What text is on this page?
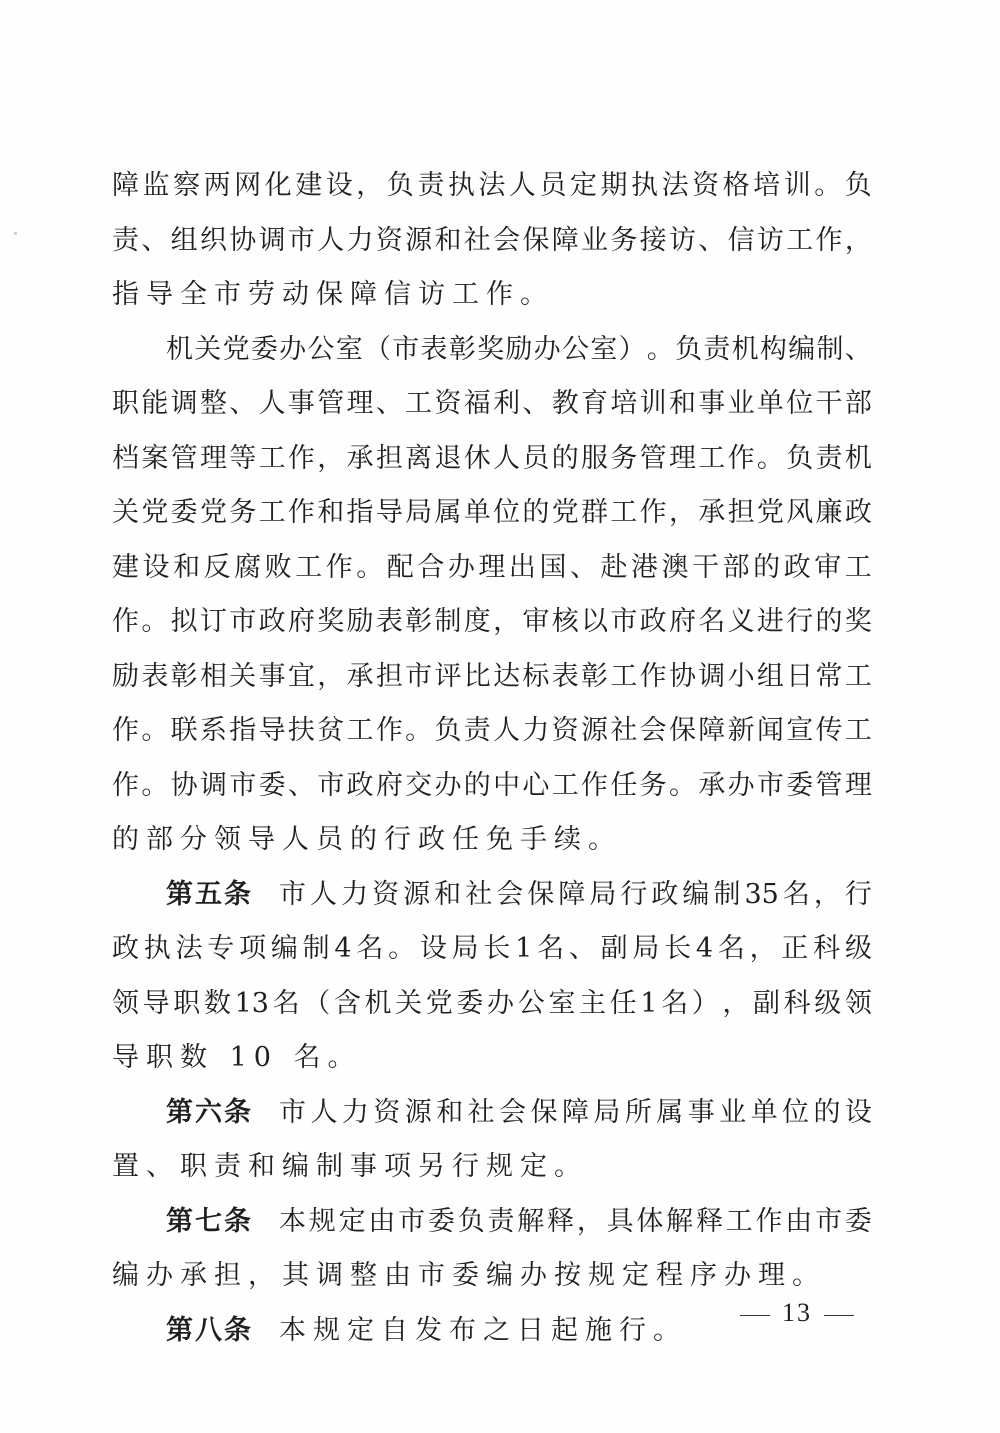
障 监 察 两 网 化 建 设 ， 负 责 执 法 人 员 定 期 执 法 资 格 培 训 。 负
责 、 组 织 协 调 市 人 力 资 源 和 社 会 保 障 业 务 接 访 、 信 访 工 作 ，
指导全市劳动保障信访工作。
机 关 党 委 办 公 室 （ 市 表 彰 奖 励 办 公 室 ） 。 负 责 机 构 编 制 、
职 能 调 整 、 人 事 管 理 、 工 资 福 利 、 教 育 培 训 和 事 业 单 位 干 部
档 案 管 理 等 工 作 ， 承 担 离 退 休 人 员 的 服 务 管 理 工 作 。 负 责 机
关 党 委 党 务 工 作 和 指 导 局 属 单 位 的 党 群 工 作 ， 承 担 党 风 廉 政
建 设 和 反 腐 败 工 作 。 配 合 办 理 出 国 、 赴 港 澳 干 部 的 政 审 工
作 。 拟 订 市 政 府 奖 励 表 彰 制 度 ， 审 核 以 市 政 府 名 义 进 行 的 奖
励 表 彰 相 关 事 宜 ， 承 担 市 评 比 达 标 表 彰 工 作 协 调 小 组 日 常 工
作 。 联 系 指 导 扶 贫 工 作 。 负 责 人 力 资 源 社 会 保 障 新 闻 宣 传 工
作 。 协 调 市 委 、 市 政 府 交 办 的 中 心 工 作 任 务 。 承 办 市 委 管 理
的部分领导人员的行政任免手续。
第五条 市 人 力 资 源 和 社 会 保 障 局 行 政 编 制 35 名 ， 行
政 执 法 专 项 编 制 4 名 。 设 局 长 1 名 、 副 局 长 4 名 ， 正 科 级
领 导 职 数 13 名 （ 含 机 关 党 委 办 公 室 主 任 1 名 ） ， 副 科 级 领
导职数 10 名。
第六条 市 人 力 资 源 和 社 会 保 障 局 所 属 事 业 单 位 的 设
置、职责和编制事项另行规定。
第七条 本 规 定 由 市 委 负 责 解 释 ， 具 体 解 释 工 作 由 市 委
编办承担，其调整由市委编办按规定程序办理。
第八条 本规定自发布之日起施行。
13
